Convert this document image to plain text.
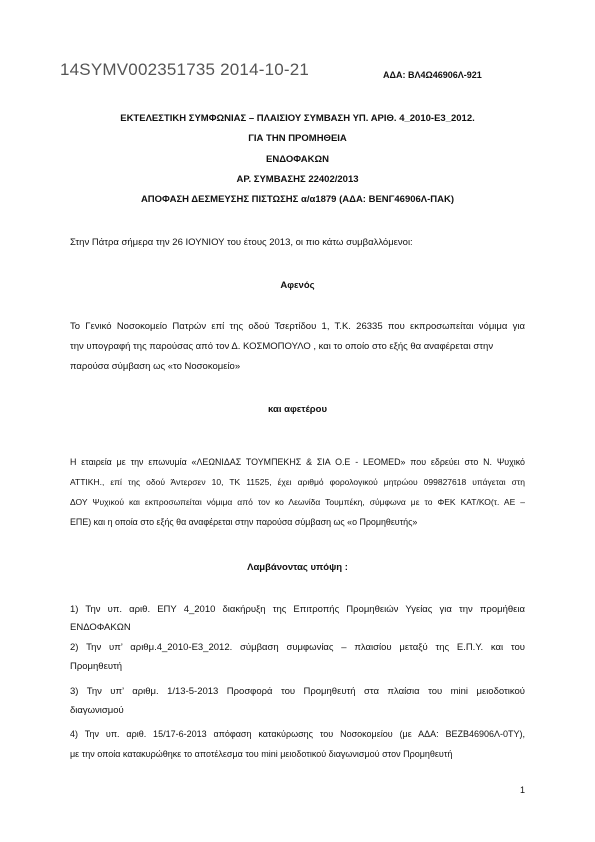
14SYMV002351735 2014-10-21	ΑΔΑ: ΒΛ4Ω46906Λ-921
ΕΚΤΕΛΕΣΤΙΚΗ ΣΥΜΦΩΝΙΑΣ – ΠΛΑΙΣΙΟΥ ΣΥΜΒΑΣΗ ΥΠ. ΑΡΙΘ. 4_2010-Ε3_2012.
ΓΙΑ ΤΗΝ ΠΡΟΜΗΘΕΙΑ
ΕΝΔΟΦΑΚΩΝ
ΑΡ. ΣΥΜΒΑΣΗΣ 22402/2013
ΑΠΟΦΑΣΗ ΔΕΣΜΕΥΣΗΣ ΠΙΣΤΩΣΗΣ α/α1879 (ΑΔΑ: ΒΕΝΓ46906Λ-ΠΑΚ)
Στην Πάτρα σήμερα την 26 ΙΟΥΝΙΟΥ του έτους 2013, οι πιο κάτω συμβαλλόμενοι:
Αφενός
Το Γενικό Νοσοκομείο Πατρών επί της οδού Τσερτίδου 1, Τ.Κ. 26335 που εκπροσωπείται νόμιμα για
την υπογραφή της παρούσας από τον Δ. ΚΟΣΜΟΠΟΥΛΟ , και το οποίο στο εξής θα αναφέρεται στην
παρούσα σύμβαση ως «το Νοσοκομείο»
και αφετέρου
Η εταιρεία με την επωνυμία «ΛΕΩΝΙΔΑΣ ΤΟΥΜΠΕΚΗΣ & ΣΙΑ Ο.Ε - LEOMED» που εδρεύει στο Ν. Ψυχικό
ΑΤΤΙΚΗ., επί της οδού Άντερσεν 10, ΤΚ 11525, έχει αριθμό φορολογικού μητρώου 099827618 υπάγεται στη
ΔΟΥ Ψυχικού και εκπροσωπείται νόμιμα από τον κο Λεωνίδα Τουμπέκη, σύμφωνα με το ΦΕΚ ΚΑΤ/ΚΟ(τ. ΑΕ –
ΕΠΕ) και η οποία στο εξής θα αναφέρεται στην παρούσα σύμβαση ως «ο Προμηθευτής»
Λαμβάνοντας υπόψη :
1) Την υπ. αριθ. ΕΠΥ 4_2010 διακήρυξη της Επιτροπής Προμηθειών Υγείας για την προμήθεια
ΕΝΔΟΦΑΚΩΝ
2) Την υπ’ αριθμ.4_2010-Ε3_2012. σύμβαση συμφωνίας – πλαισίου μεταξύ της Ε.Π.Υ. και του
Προμηθευτή
3) Την υπ’ αριθμ. 1/13-5-2013 Προσφορά του Προμηθευτή στα πλαίσια του mini μειοδοτικού
διαγωνισμού
4) Την υπ. αριθ. 15/17-6-2013 απόφαση κατακύρωσης του Νοσοκομείου (με ΑΔΑ: ΒΕΖΒ46906Λ-0ΤΥ),
με την οποία κατακυρώθηκε το αποτέλεσμα του mini μειοδοτικού διαγωνισμού στον Προμηθευτή
1
